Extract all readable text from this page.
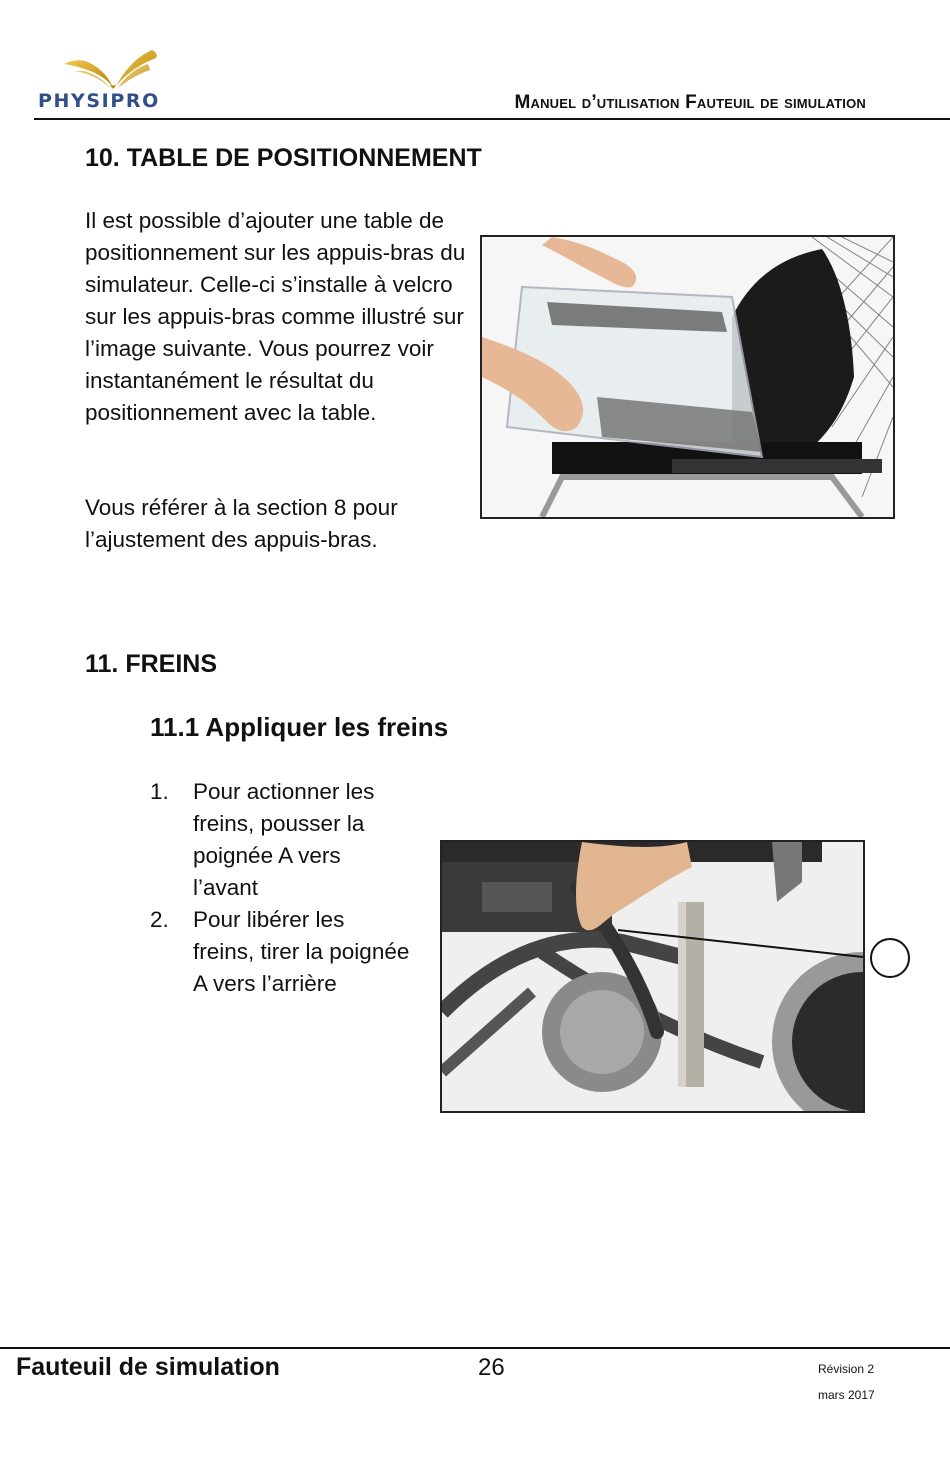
PHYSIPRO	Manuel d’utilisation Fauteuil de simulation
10. TABLE DE POSITIONNEMENT
Il est possible d’ajouter une table de positionnement sur les appuis-bras du simulateur. Celle-ci s’installe à velcro sur les appuis-bras comme illustré sur l’image suivante. Vous pourrez voir instantanément le résultat du positionnement avec la table.
Vous référer à la section 8 pour l’ajustement des appuis-bras.
11. FREINS
11.1 Appliquer les freins
1. Pour actionner les freins, pousser la poignée A vers l’avant
2. Pour libérer les freins, tirer la poignée A vers l’arrière
Fauteuil de simulation	26	Révision 2
mars 2017
